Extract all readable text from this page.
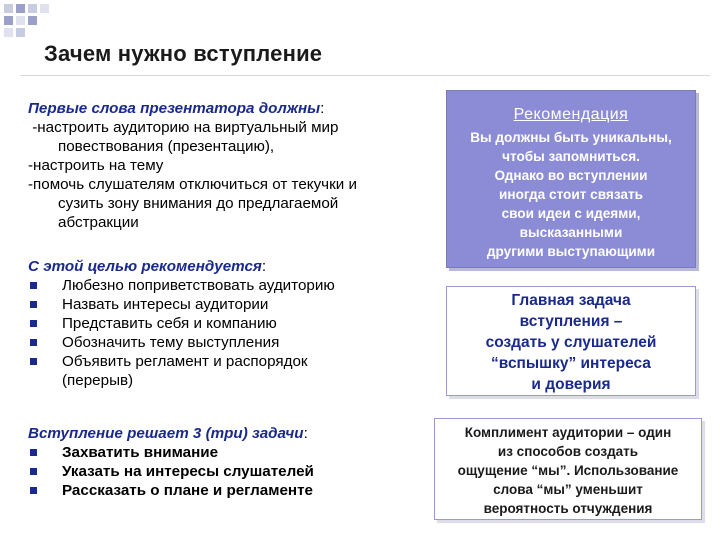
Зачем нужно вступление
Первые слова презентатора должны:
-настроить аудиторию на виртуальный мир
повествования (презентацию),
-настроить на тему
-помочь слушателям отключиться от текучки и
сузить зону внимания до предлагаемой
абстракции
С этой целью рекомендуется:
Любезно поприветствовать аудиторию
Назвать интересы аудитории
Представить себя и компанию
Обозначить тему выступления
Объявить регламент и распорядок
(перерыв)
Вступление решает 3 (три) задачи:
Захватить внимание
Указать на интересы слушателей
Рассказать о плане и регламенте
Рекомендация
Вы должны быть уникальны,
чтобы запомниться.
Однако во вступлении
иногда стоит связать
свои идеи с идеями,
высказанными
другими выступающими
Главная задача
вступления –
создать у слушателей
“вспышку” интереса
и доверия
Комплимент аудитории – один
из способов создать
ощущение “мы”. Использование
слова “мы” уменьшит
вероятность отчуждения
